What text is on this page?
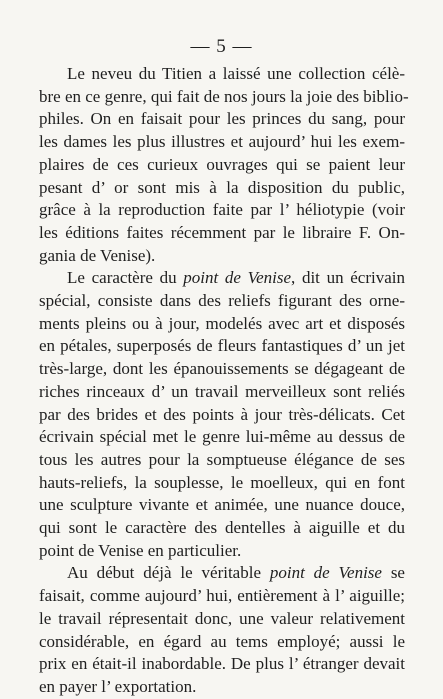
— 5 —
Le neveu du Titien a laissé une collection célè-
bre en ce genre, qui fait de nos jours la joie des biblio-
philes. On en faisait pour les princes du sang, pour
les dames les plus illustres et aujourd’ hui les exem-
plaires de ces curieux ouvrages qui se paient leur
pesant d’ or sont mis à la disposition du public,
grâce à la reproduction faite par l’ héliotypie (voir
les éditions faites récemment par le libraire F. On-
gania de Venise).
Le caractère du point de Venise, dit un écrivain
spécial, consiste dans des reliefs figurant des orne-
ments pleins ou à jour, modelés avec art et disposés
en pétales, superposés de fleurs fantastiques d’ un jet
très-large, dont les épanouissements se dégageant de
riches rinceaux d’ un travail merveilleux sont reliés
par des brides et des points à jour très-délicats. Cet
écrivain spécial met le genre lui-même au dessus de
tous les autres pour la somptueuse élégance de ses
hauts-reliefs, la souplesse, le moelleux, qui en font
une sculpture vivante et animée, une nuance douce,
qui sont le caractère des dentelles à aiguille et du
point de Venise en particulier.
Au début déjà le véritable point de Venise se
faisait, comme aujourd’ hui, entièrement à l’ aiguille;
le travail répresentait donc, une valeur relativement
considérable, en égard au tems employé; aussi le
prix en était-il inabordable. De plus l’ étranger devait
en payer l’ exportation.
